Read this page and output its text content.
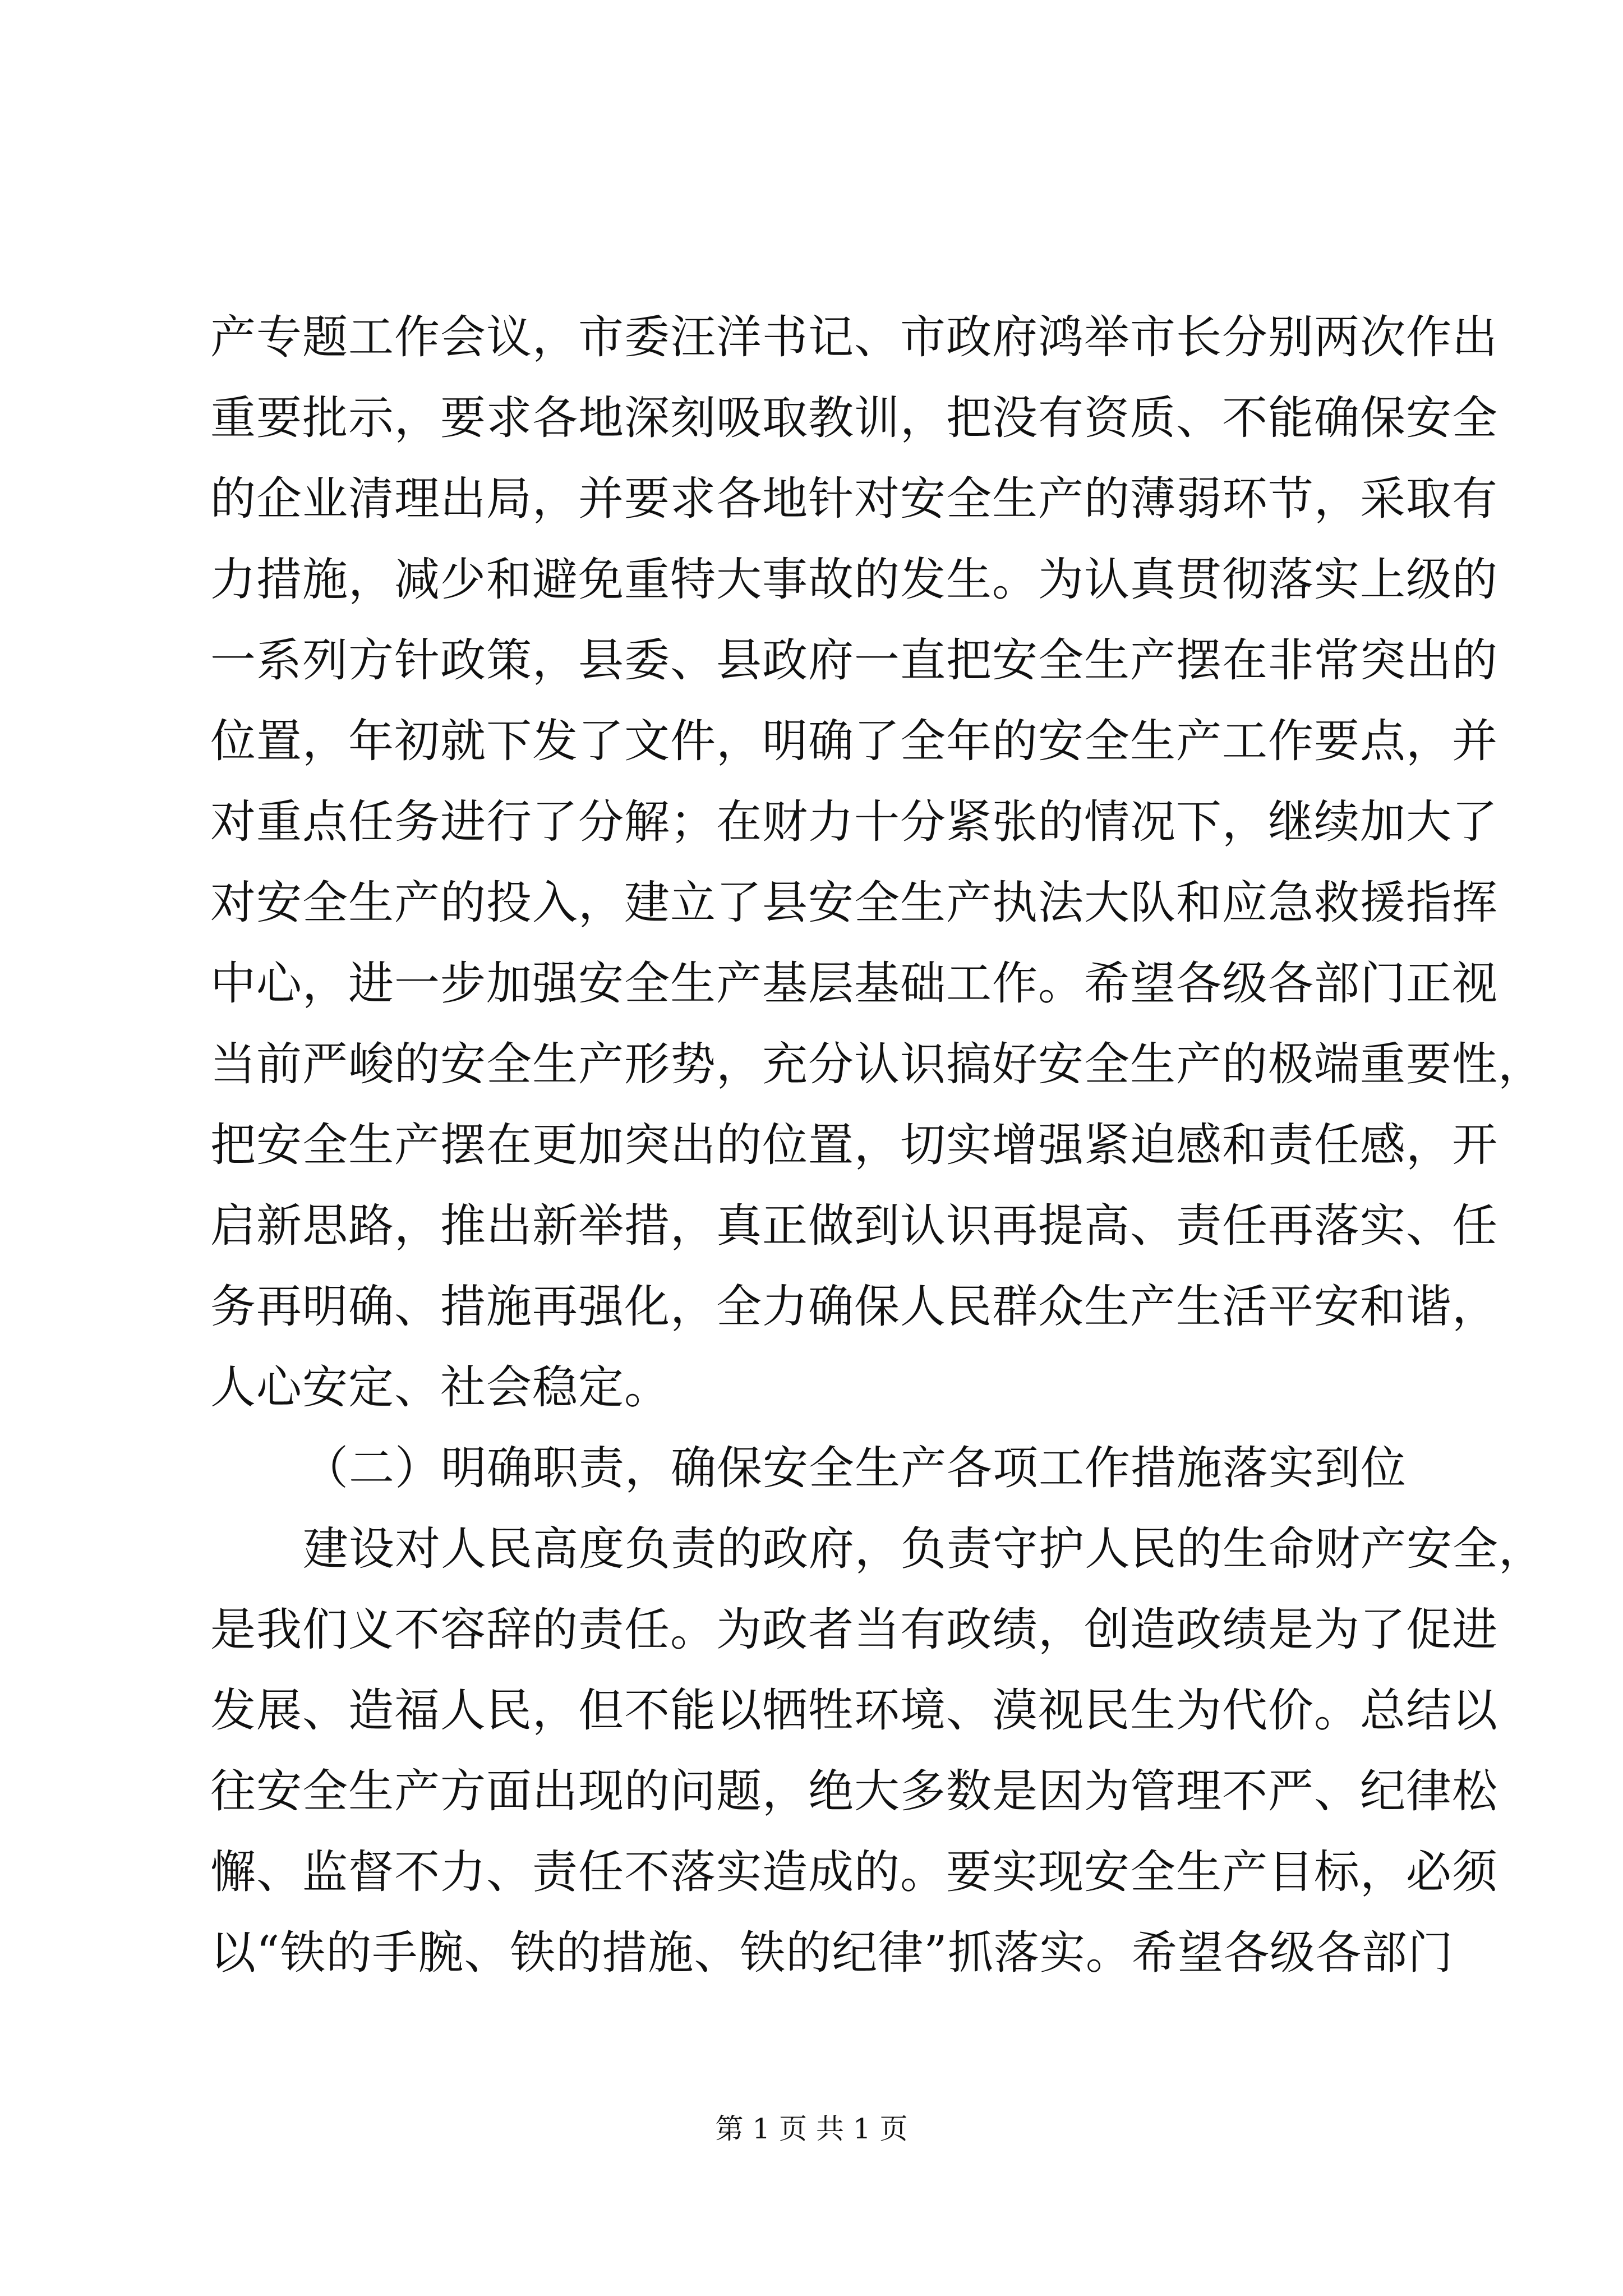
产专题工作会议，市委汪洋书记、市政府鸿举市长分别两次作出
重要批示，要求各地深刻吸取教训，把没有资质、不能确保安全
的企业清理出局，并要求各地针对安全生产的薄弱环节，采取有
力措施，减少和避免重特大事故的发生。为认真贯彻落实上级的
一系列方针政策，县委、县政府一直把安全生产摆在非常突出的
位置，年初就下发了文件，明确了全年的安全生产工作要点，并
对重点任务进行了分解；在财力十分紧张的情况下，继续加大了
对安全生产的投入，建立了县安全生产执法大队和应急救援指挥
中心，进一步加强安全生产基层基础工作。希望各级各部门正视
当前严峻的安全生产形势，充分认识搞好安全生产的极端重要性，
把安全生产摆在更加突出的位置，切实增强紧迫感和责任感，开
启新思路，推出新举措，真正做到认识再提高、责任再落实、任
务再明确、措施再强化，全力确保人民群众生产生活平安和谐，
人心安定、社会稳定。
（二）明确职责，确保安全生产各项工作措施落实到位
建设对人民高度负责的政府，负责守护人民的生命财产安全，
是我们义不容辞的责任。为政者当有政绩，创造政绩是为了促进
发展、造福人民，但不能以牺牲环境、漠视民生为代价。总结以
往安全生产方面出现的问题，绝大多数是因为管理不严、纪律松
懈、监督不力、责任不落实造成的。要实现安全生产目标，必须
以“铁的手腕、铁的措施、铁的纪律”抓落实。希望各级各部门
第 1 页 共 1 页
